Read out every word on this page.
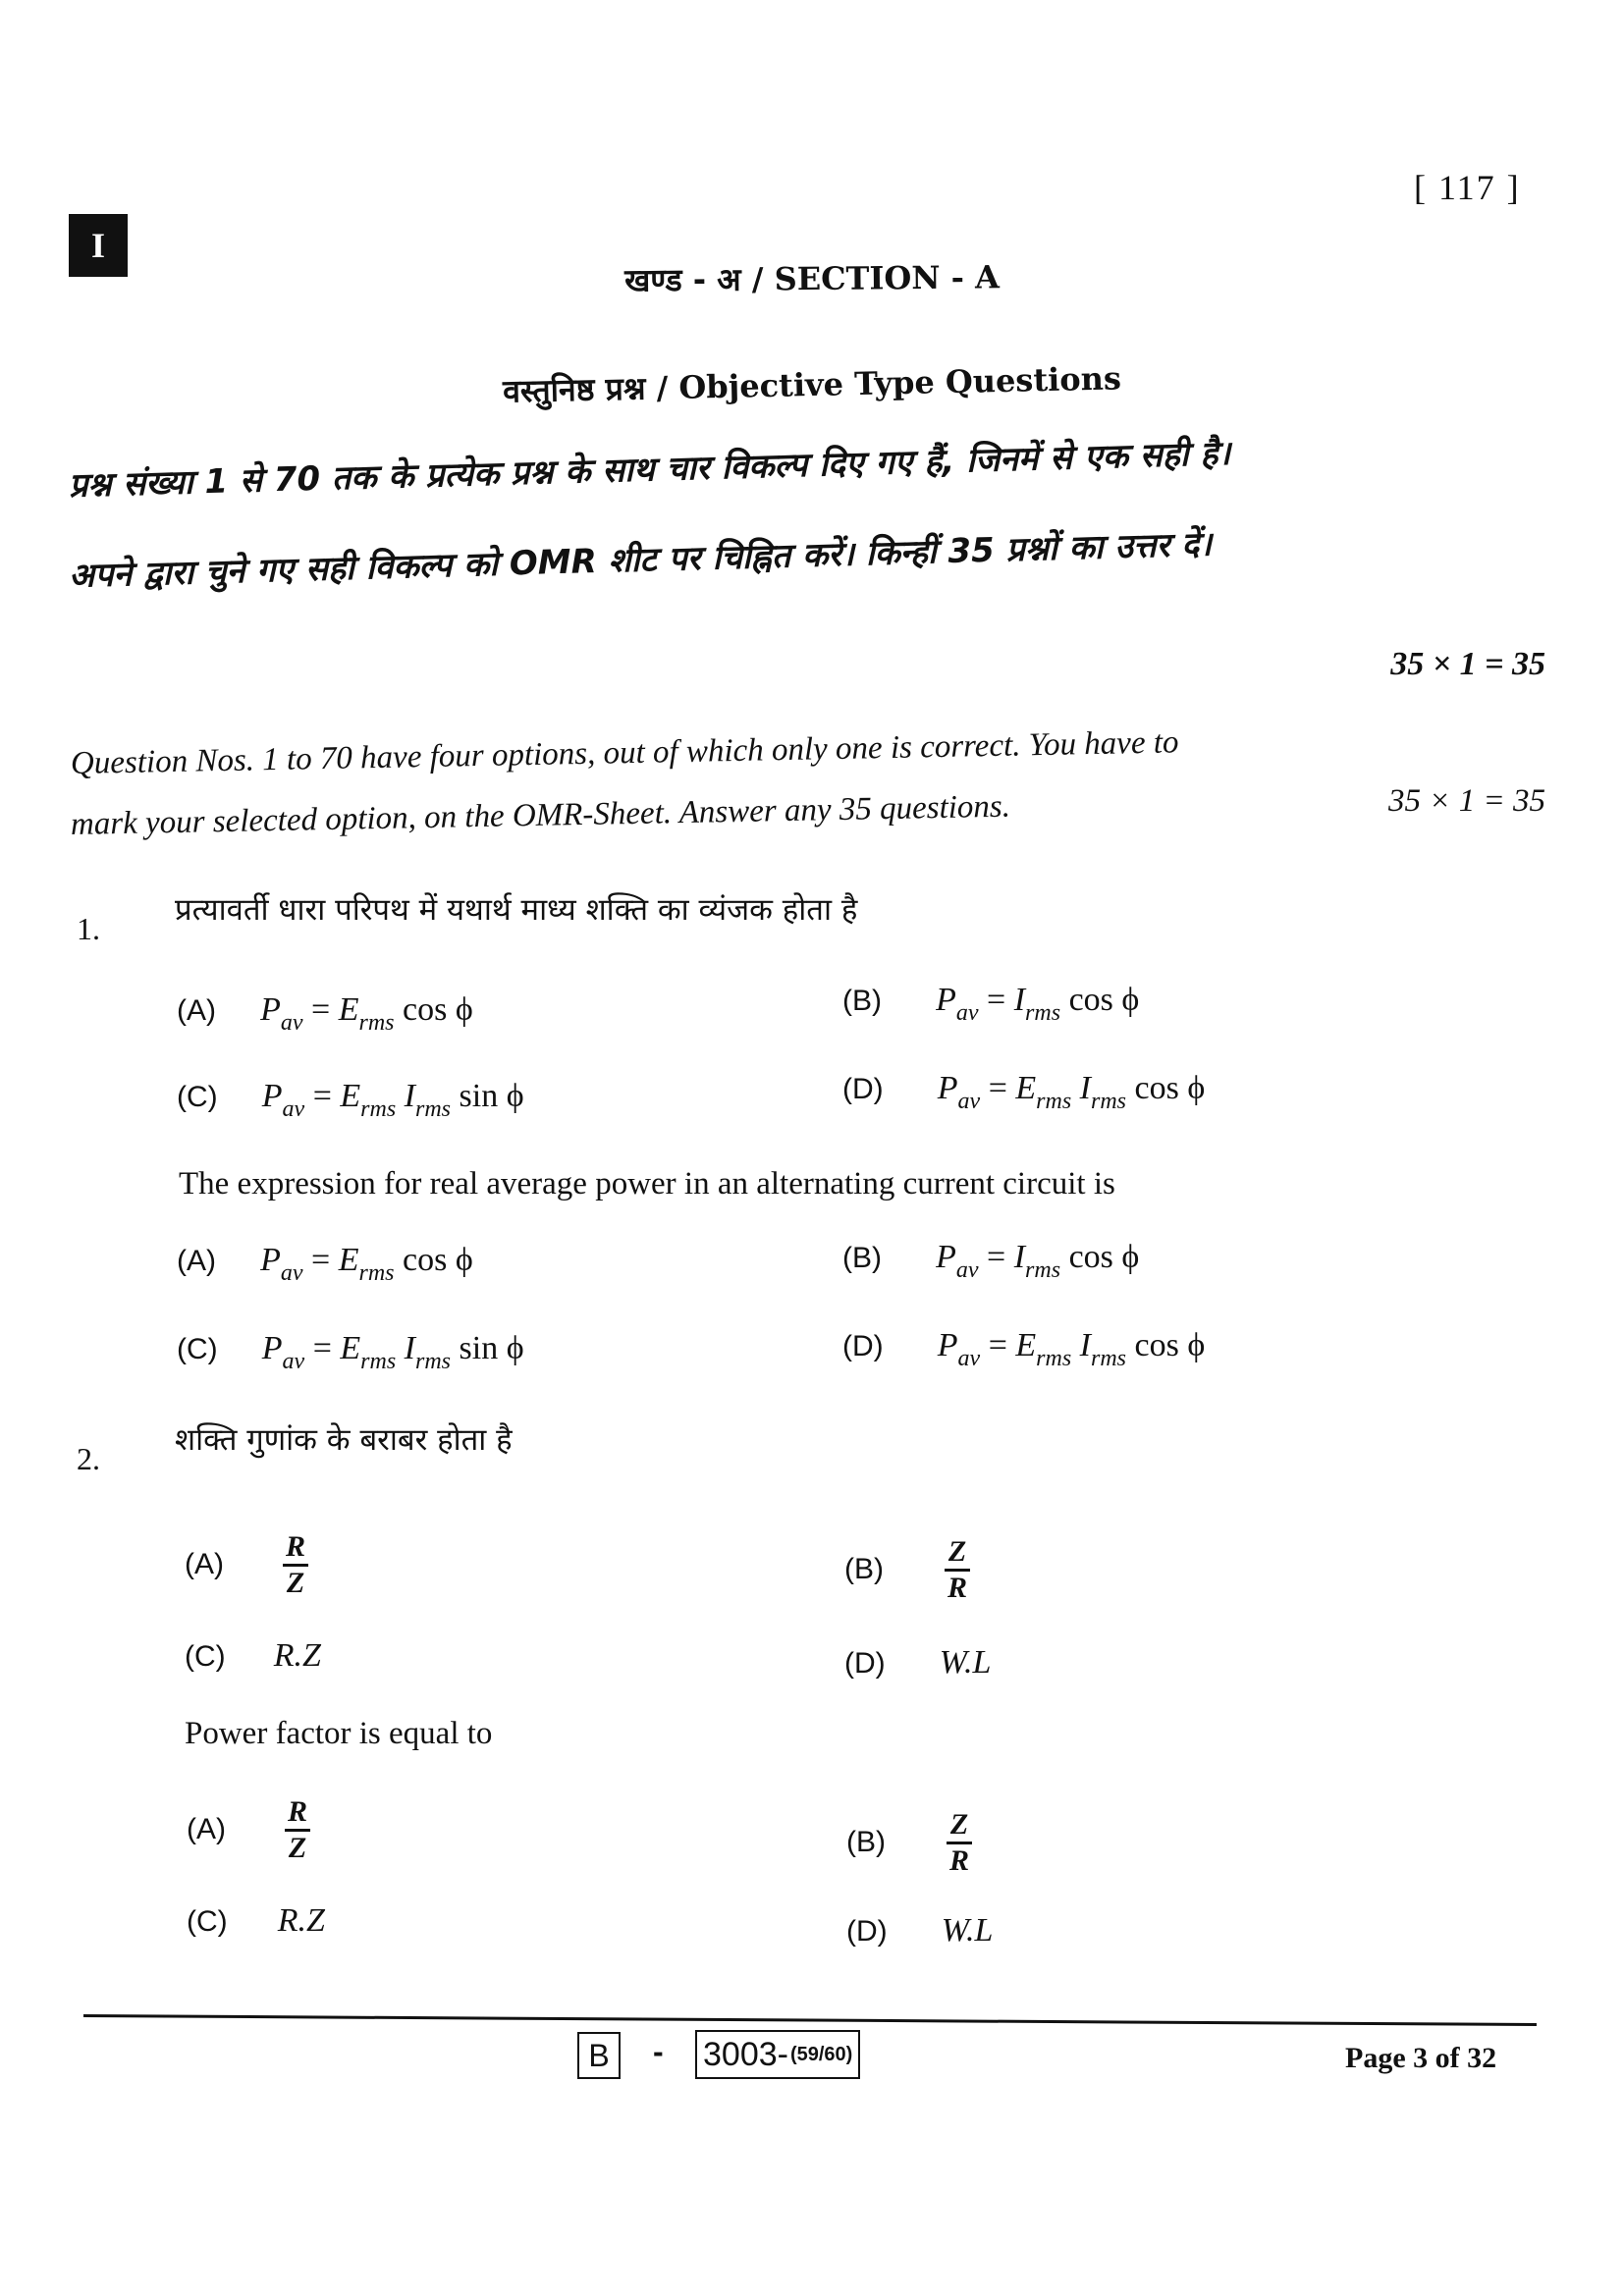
[ 117 ]
I
खण्ड - अ / SECTION - A
वस्तुनिष्ठ प्रश्न / Objective Type Questions
प्रश्न संख्या 1 से 70 तक के प्रत्येक प्रश्न के साथ चार विकल्प दिए गए हैं, जिनमें से एक सही है।
अपने द्वारा चुने गए सही विकल्प को OMR शीट पर चिह्नित करें। किन्हीं 35 प्रश्नों का उत्तर दें।
35 × 1 = 35
Question Nos. 1 to 70 have four options, out of which only one is correct. You have to
mark your selected option, on the OMR-Sheet. Answer any 35 questions.	35 × 1 = 35
1.
प्रत्यावर्ती धारा परिपथ में यथार्थ माध्य शक्ति का व्यंजक होता है
(A) $P_{av} = E_{rms}$ cos ϕ	(B) $P_{av} = I_{rms}$ cos ϕ
(C) $P_{av} = E_{rms}$ $I_{rms}$ sin ϕ	(D) $P_{av} = E_{rms}$ $I_{rms}$ cos ϕ
The expression for real average power in an alternating current circuit is
(A) $P_{av} = E_{rms}$ cos ϕ	(B) $P_{av} = I_{rms}$ cos ϕ
(C) $P_{av} = E_{rms}$ $I_{rms}$ sin ϕ	(D) $P_{av} = E_{rms}$ $I_{rms}$ cos ϕ
2.
शक्ति गुणांक के बराबर होता है
$(A) \frac{R}{Z}$	$(B) \frac{Z}{R}$
(C) R.Z	(D) W.L
Power factor is equal to
$(A) \frac{R}{Z}$	$(B) \frac{Z}{R}$
(C) R.Z	(D) W.L
B	- 3003- (59/60)	Page 3 of 32
